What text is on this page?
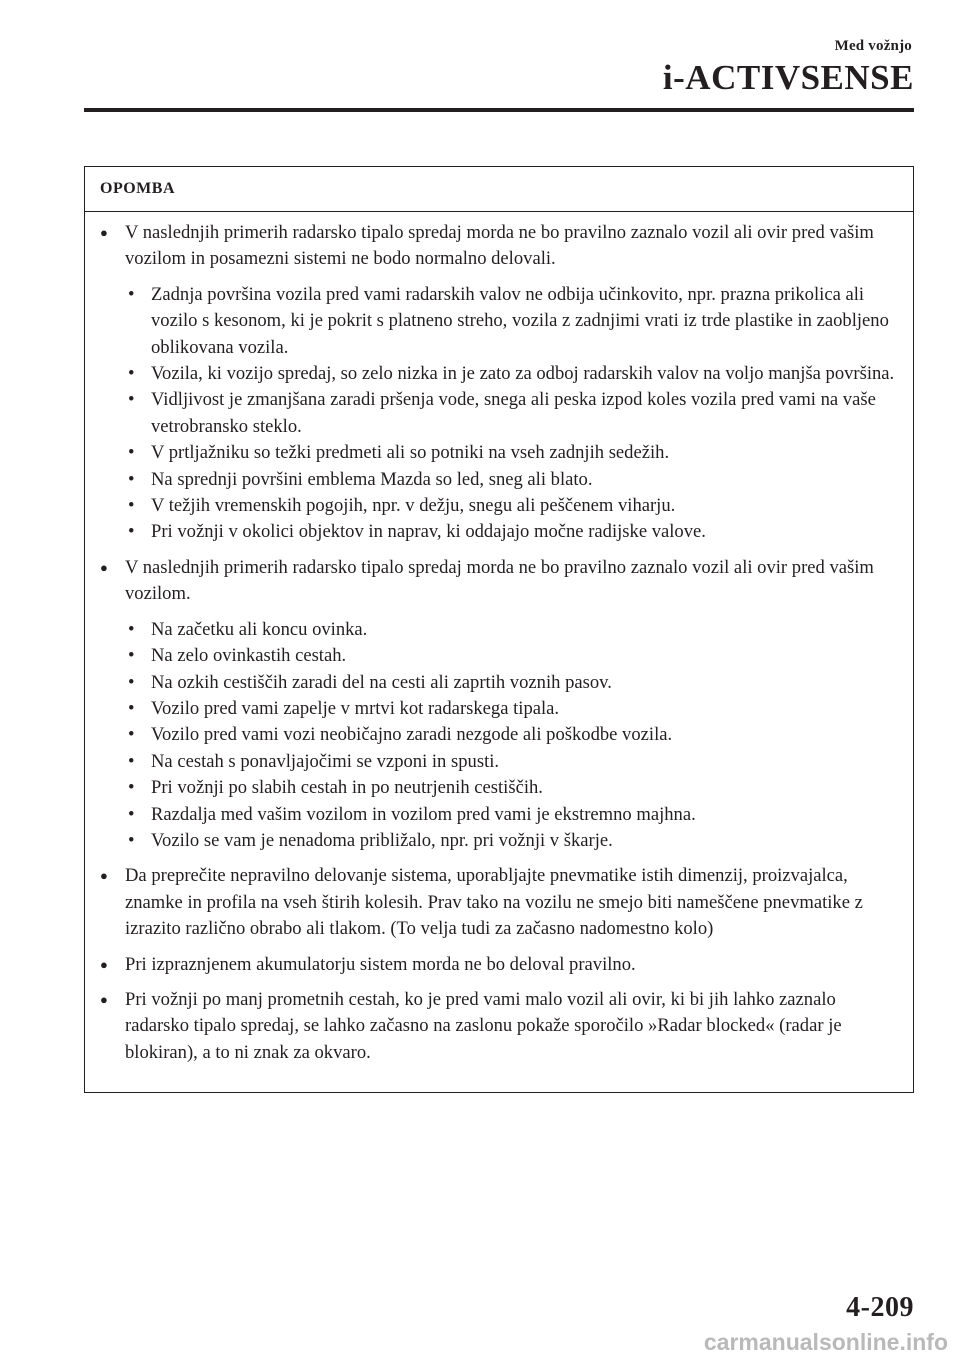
Med vožnjo
i-ACTIVSENSE
OPOMBA
● V naslednjih primerih radarsko tipalo spredaj morda ne bo pravilno zaznalo vozil ali ovir pred vašim vozilom in posamezni sistemi ne bodo normalno delovali.
• Zadnja površina vozila pred vami radarskih valov ne odbija učinkovito, npr. prazna prikolica ali vozilo s kesonom, ki je pokrit s platneno streho, vozila z zadnjimi vrati iz trde plastike in zaobljeno oblikovana vozila.
• Vozila, ki vozijo spredaj, so zelo nizka in je zato za odboj radarskih valov na voljo manjša površina.
• Vidljivost je zmanjšana zaradi pršenja vode, snega ali peska izpod koles vozila pred vami na vaše vetrobransko steklo.
• V prtljažniku so težki predmeti ali so potniki na vseh zadnjih sedežih.
• Na sprednji površini emblema Mazda so led, sneg ali blato.
• V težjih vremenskih pogojih, npr. v dežju, snegu ali peščenem viharju.
• Pri vožnji v okolici objektov in naprav, ki oddajajo močne radijske valove.
● V naslednjih primerih radarsko tipalo spredaj morda ne bo pravilno zaznalo vozil ali ovir pred vašim vozilom.
• Na začetku ali koncu ovinka.
• Na zelo ovinkastih cestah.
• Na ozkih cestiščih zaradi del na cesti ali zaprtih voznih pasov.
• Vozilo pred vami zapelje v mrtvi kot radarskega tipala.
• Vozilo pred vami vozi neobičajno zaradi nezgode ali poškodbe vozila.
• Na cestah s ponavljajočimi se vzponi in spusti.
• Pri vožnji po slabih cestah in po neutrjenih cestiščih.
• Razdalja med vašim vozilom in vozilom pred vami je ekstremno majhna.
• Vozilo se vam je nenadoma približalo, npr. pri vožnji v škarje.
● Da preprečite nepravilno delovanje sistema, uporabljajte pnevmatike istih dimenzij, proizvajalca, znamke in profila na vseh štirih kolesih. Prav tako na vozilu ne smejo biti nameščene pnevmatike z izrazito različno obrabo ali tlakom. (To velja tudi za začasno nadomestno kolo)
● Pri izpraznjenem akumulatorju sistem morda ne bo deloval pravilno.
● Pri vožnji po manj prometnih cestah, ko je pred vami malo vozil ali ovir, ki bi jih lahko zaznalo radarsko tipalo spredaj, se lahko začasno na zaslonu pokaže sporočilo »Radar blocked« (radar je blokiran), a to ni znak za okvaro.
4-209
carmanualsonline.info
